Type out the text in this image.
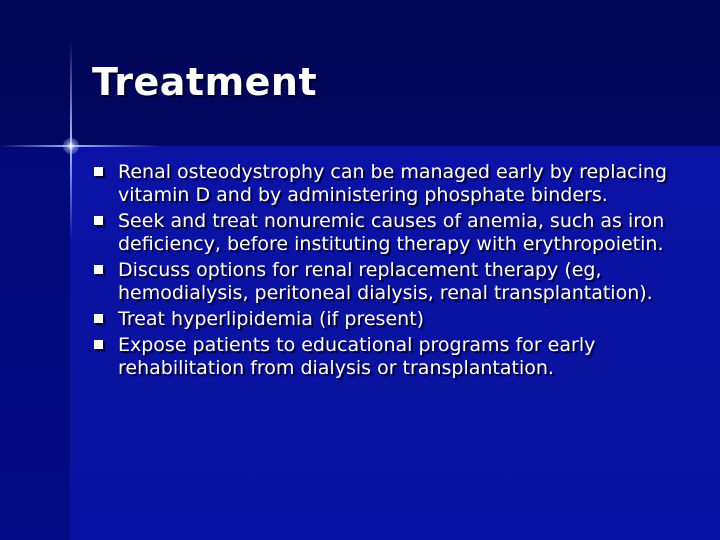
Treatment
Renal osteodystrophy can be managed early by replacing vitamin D and by administering phosphate binders.
Seek and treat nonuremic causes of anemia, such as iron deficiency, before instituting therapy with erythropoietin.
Discuss options for renal replacement therapy (eg, hemodialysis, peritoneal dialysis, renal transplantation).
Treat hyperlipidemia (if present)
Expose patients to educational programs for early rehabilitation from dialysis or transplantation.
